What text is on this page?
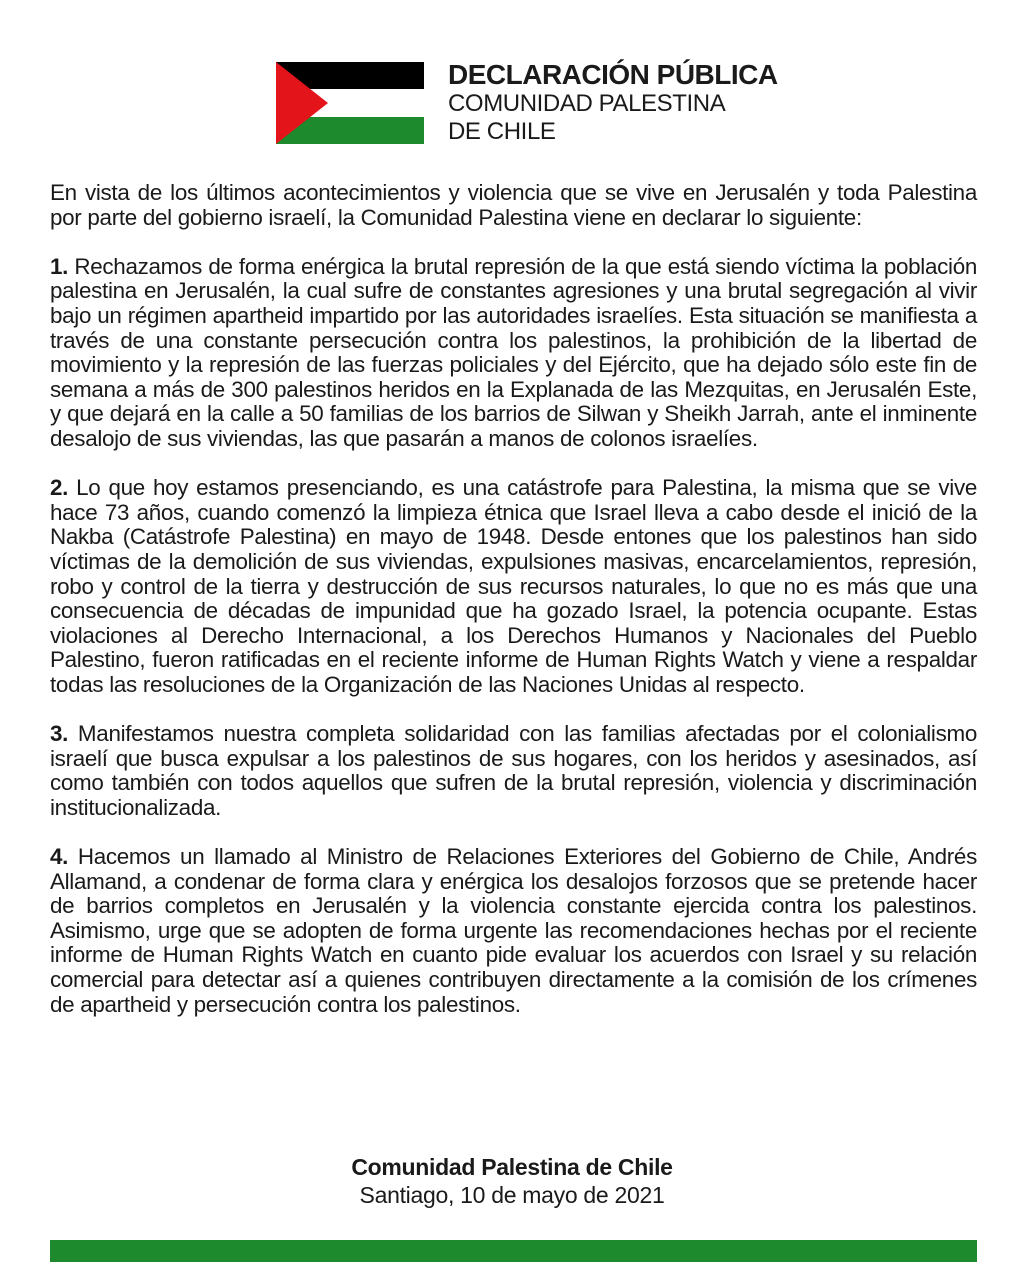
DECLARACIÓN PÚBLICA
COMUNIDAD PALESTINA
DE CHILE

En vista de los últimos acontecimientos y violencia que se vive en Jerusalén y toda Palestina por parte del gobierno israelí, la Comunidad Palestina viene en declarar lo siguiente:

1. Rechazamos de forma enérgica la brutal represión de la que está siendo víctima la población palestina en Jerusalén, la cual sufre de constantes agresiones y una brutal segregación al vivir bajo un régimen apartheid impartido por las autoridades israelíes. Esta situación se manifiesta a través de una constante persecución contra los palestinos, la prohibición de la libertad de movimiento y la represión de las fuerzas policiales y del Ejército, que ha dejado sólo este fin de semana a más de 300 palestinos heridos en la Explanada de las Mezquitas, en Jerusalén Este, y que dejará en la calle a 50 familias de los barrios de Silwan y Sheikh Jarrah, ante el inminente desalojo de sus viviendas, las que pasarán a manos de colonos israelíes.

2. Lo que hoy estamos presenciando, es una catástrofe para Palestina, la misma que se vive hace 73 años, cuando comenzó la limpieza étnica que Israel lleva a cabo desde el inició de la Nakba (Catástrofe Palestina) en mayo de 1948. Desde entones que los palestinos han sido víctimas de la demolición de sus viviendas, expulsiones masivas, encarcelamientos, represión, robo y control de la tierra y destrucción de sus recursos naturales, lo que no es más que una consecuencia de décadas de impunidad que ha gozado Israel, la potencia ocupante. Estas violaciones al Derecho Internacional, a los Derechos Humanos y Nacionales del Pueblo Palestino, fueron ratificadas en el reciente informe de Human Rights Watch y viene a respaldar todas las resoluciones de la Organización de las Naciones Unidas al respecto.

3. Manifestamos nuestra completa solidaridad con las familias afectadas por el colonialismo israelí que busca expulsar a los palestinos de sus hogares, con los heridos y asesinados, así como también con todos aquellos que sufren de la brutal represión, violencia y discriminación institucionalizada.

4. Hacemos un llamado al Ministro de Relaciones Exteriores del Gobierno de Chile, Andrés Allamand, a condenar de forma clara y enérgica los desalojos forzosos que se pretende hacer de barrios completos en Jerusalén y la violencia constante ejercida contra los palestinos. Asimismo, urge que se adopten de forma urgente las recomendaciones hechas por el reciente informe de Human Rights Watch en cuanto pide evaluar los acuerdos con Israel y su relación comercial para detectar así a quienes contribuyen directamente a la comisión de los crímenes de apartheid y persecución contra los palestinos.

Comunidad Palestina de Chile
Santiago, 10 de mayo de 2021
